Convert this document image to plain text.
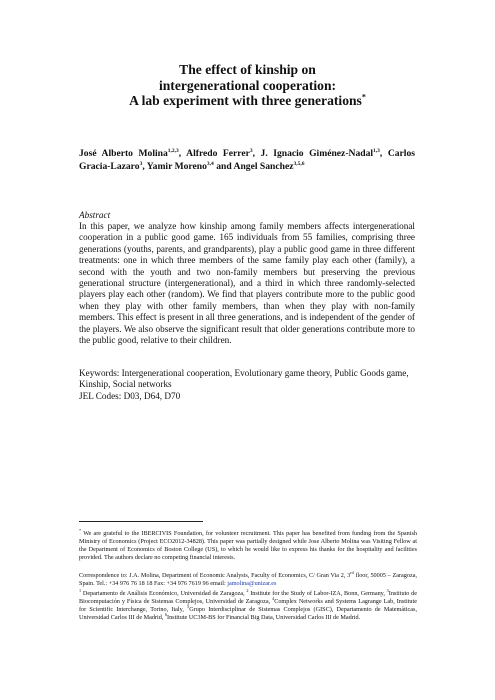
The effect of kinship on
intergenerational cooperation:
A lab experiment with three generations*
José Alberto Molina$^{1,2,3}$, Alfredo Ferrer$^3$, J. Ignacio Giménez-Nadal$^{1,3}$, Carlos Gracia-Lazaro$^3$, Yamir Moreno$^{3,4}$ and Angel Sanchez$^{3,5,6}$
Abstract

In this paper, we analyze how kinship among family members affects intergenerational cooperation in a public good game. 165 individuals from 55 families, comprising three generations (youths, parents, and grandparents), play a public good game in three different treatments: one in which three members of the same family play each other (family), a second with the youth and two non-family members but preserving the previous generational structure (intergenerational), and a third in which three randomly-selected players play each other (random). We find that players contribute more to the public good when they play with other family members, than when they play with non-family members. This effect is present in all three generations, and is independent of the gender of the players. We also observe the significant result that older generations contribute more to the public good, relative to their children.

Keywords: Intergenerational cooperation, Evolutionary game theory, Public Goods game, Kinship, Social networks

JEL Codes: D03, D64, D70

* We are grateful to the IBERCIVIS Foundation, for volunteer recruitment. This paper has benefited from funding from the Spanish Ministry of Economics (Project ECO2012-34828). This paper was partially designed while Jose Alberto Molina was Visiting Fellow at the Department of Economics of Boston College (US), to which he would like to express his thanks for the hospitality and facilities provided. The authors declare no competing financial interests.

Correspondence to: J.A. Molina, Department of Economic Analysis, Faculty of Economics, C/ Gran Via 2, 3rd floor, 50005 – Zaragoza, Spain. Tel.: +34 976 76 18 18 Fax: +34 976 7619 96 email: jamolina@unizar.es

$^1$ Departamento de Análisis Económico, Universidad de Zaragoza, $^2$ Institute for the Study of Labor-IZA, Bonn, Germany, $^3$Instituto de Biocomputación y Física de Sistemas Complejos, Universidad de Zaragoza, $^4$Complex Networks and Systems Lagrange Lab, Institute for Scientific Interchange, Torino, Italy, $^5$Grupo Interdisciplinar de Sistemas Complejos (GISC), Departamento de Matemáticas, Universidad Carlos III de Madrid, $^6$Institute UC3M-BS for Financial Big Data, Universidad Carlos III de Madrid.
